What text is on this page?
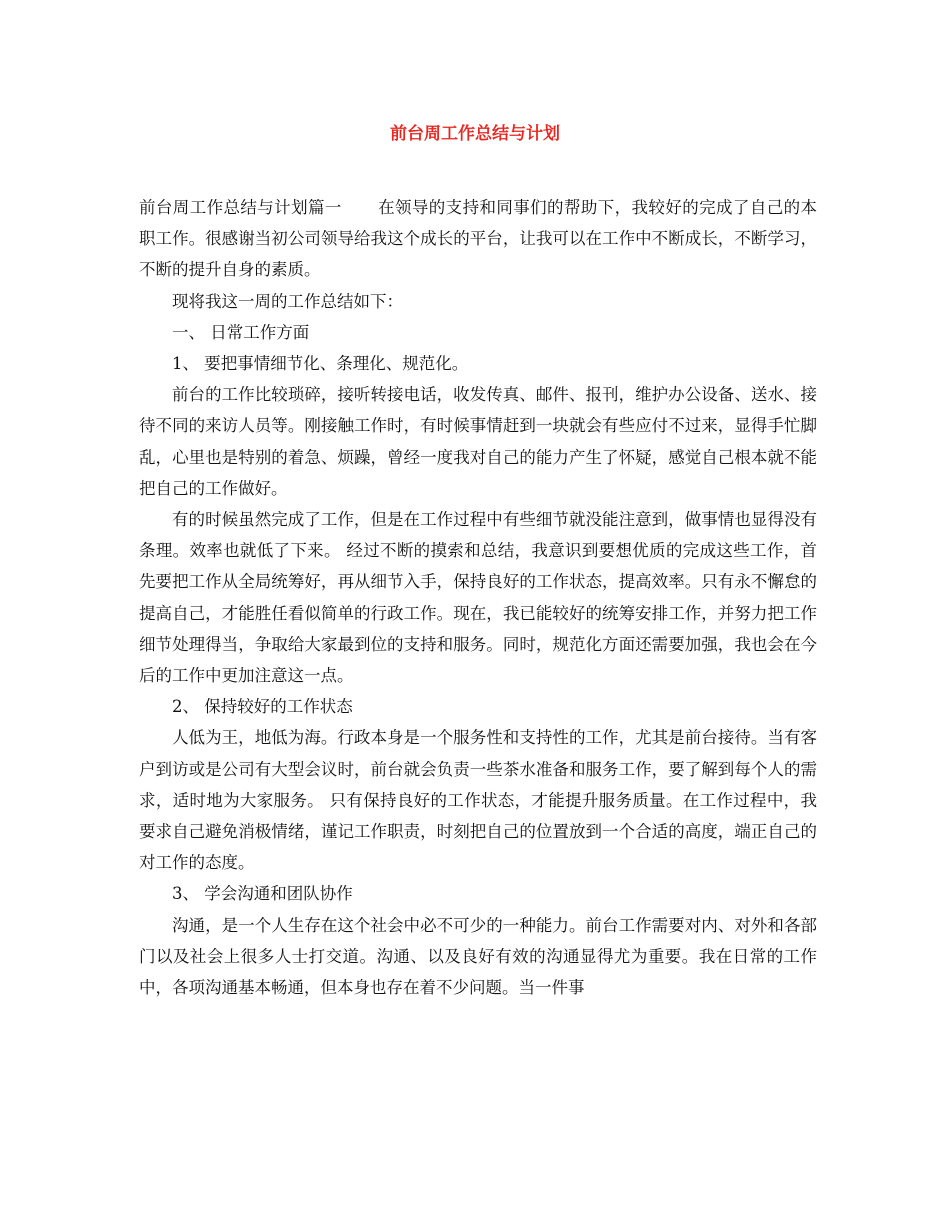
前台周工作总结与计划

前台周工作总结与计划篇一 在领导的支持和同事们的帮助下，我较好的完成了自己的本职工作。很感谢当初公司领导给我这个成长的平台，让我可以在工作中不断成长，不断学习，不断的提升自身的素质。

现将我这一周的工作总结如下：

一、 日常工作方面

1、 要把事情细节化、条理化、规范化。

前台的工作比较琐碎，接听转接电话，收发传真、邮件、报刊，维护办公设备、送水、接待不同的来访人员等。刚接触工作时，有时候事情赶到一块就会有些应付不过来，显得手忙脚乱，心里也是特别的着急、烦躁，曾经一度我对自己的能力产生了怀疑，感觉自己根本就不能把自己的工作做好。

有的时候虽然完成了工作，但是在工作过程中有些细节就没能注意到，做事情也显得没有条理。效率也就低了下来。 经过不断的摸索和总结，我意识到要想优质的完成这些工作，首先要把工作从全局统筹好，再从细节入手，保持良好的工作状态，提高效率。只有永不懈怠的提高自己，才能胜任看似简单的行政工作。现在，我已能较好的统筹安排工作，并努力把工作细节处理得当，争取给大家最到位的支持和服务。同时，规范化方面还需要加强，我也会在今后的工作中更加注意这一点。

2、 保持较好的工作状态

人低为王，地低为海。行政本身是一个服务性和支持性的工作，尤其是前台接待。当有客户到访或是公司有大型会议时，前台就会负责一些茶水准备和服务工作，要了解到每个人的需求，适时地为大家服务。 只有保持良好的工作状态，才能提升服务质量。在工作过程中，我要求自己避免消极情绪，谨记工作职责，时刻把自己的位置放到一个合适的高度，端正自己的对工作的态度。

3、 学会沟通和团队协作

沟通，是一个人生存在这个社会中必不可少的一种能力。前台工作需要对内、对外和各部门以及社会上很多人士打交道。沟通、以及良好有效的沟通显得尤为重要。我在日常的工作中，各项沟通基本畅通，但本身也存在着不少问题。当一件事
